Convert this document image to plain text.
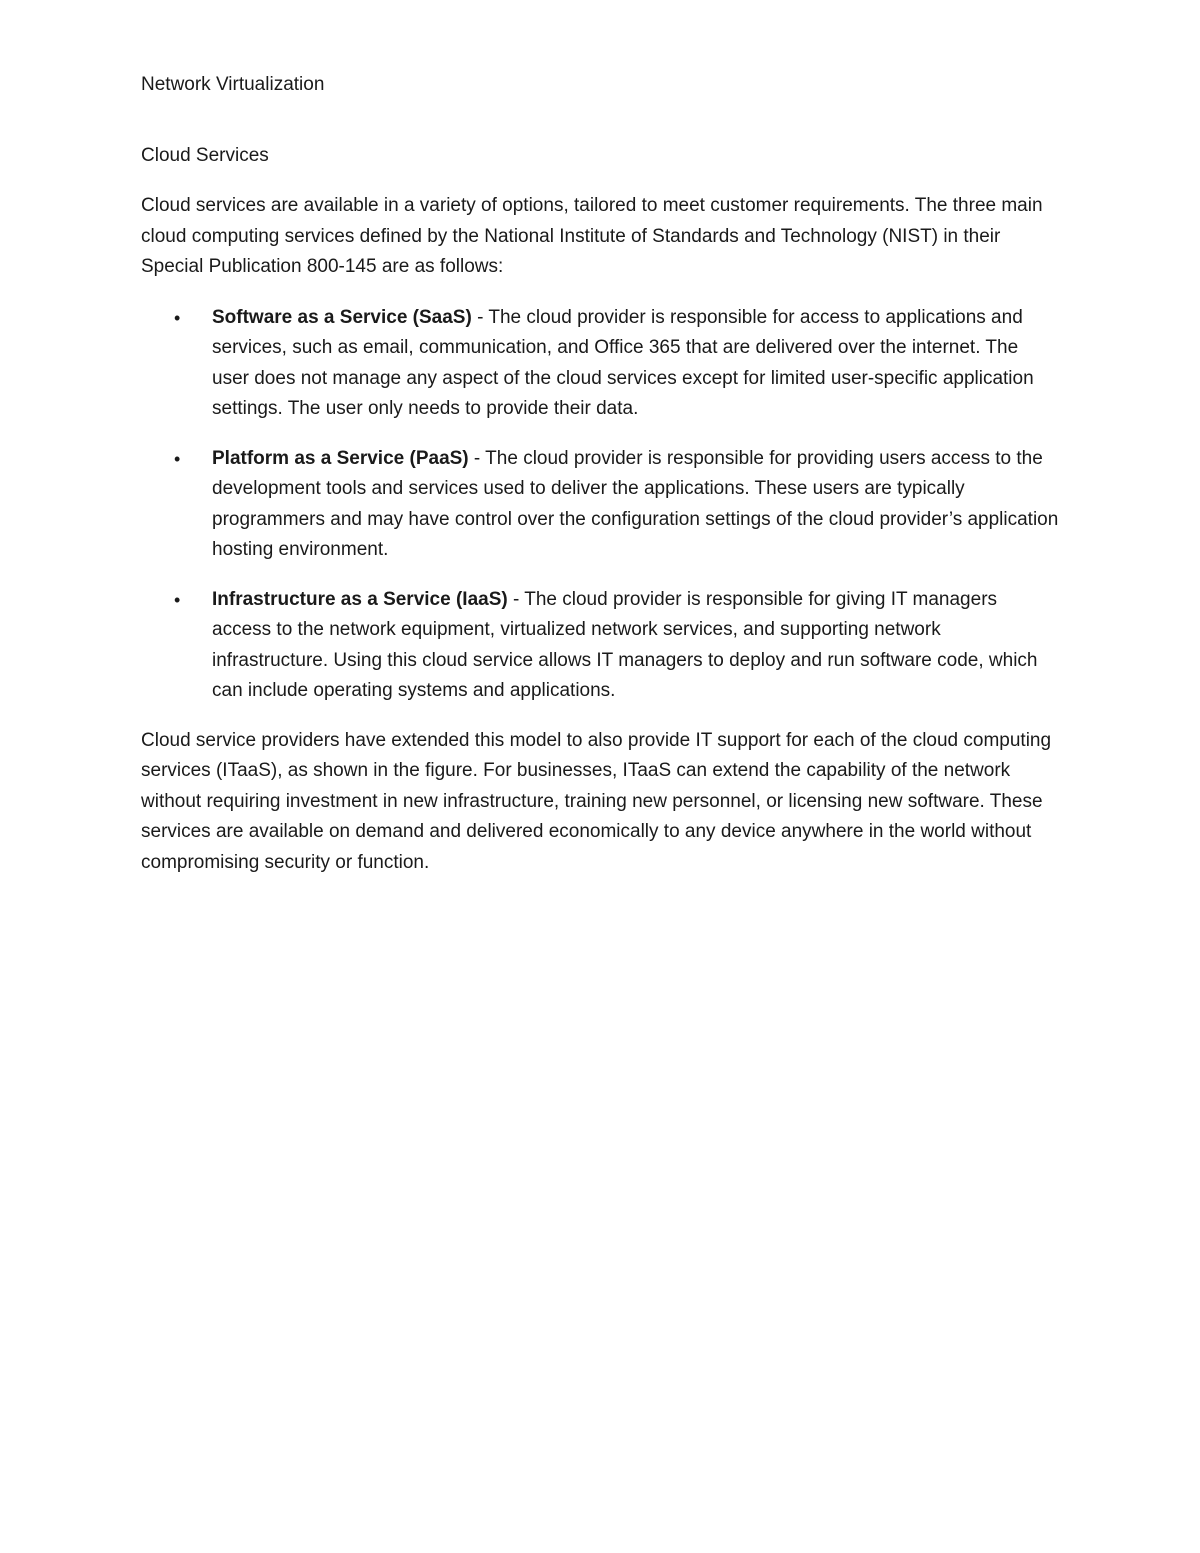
Network Virtualization
Cloud Services

Cloud services are available in a variety of options, tailored to meet customer requirements. The three main cloud computing services defined by the National Institute of Standards and Technology (NIST) in their Special Publication 800-145 are as follows:

• Software as a Service (SaaS) - The cloud provider is responsible for access to applications and services, such as email, communication, and Office 365 that are delivered over the internet. The user does not manage any aspect of the cloud services except for limited user-specific application settings. The user only needs to provide their data.
• Platform as a Service (PaaS) - The cloud provider is responsible for providing users access to the development tools and services used to deliver the applications. These users are typically programmers and may have control over the configuration settings of the cloud provider’s application hosting environment.
• Infrastructure as a Service (IaaS) - The cloud provider is responsible for giving IT managers access to the network equipment, virtualized network services, and supporting network infrastructure. Using this cloud service allows IT managers to deploy and run software code, which can include operating systems and applications.

Cloud service providers have extended this model to also provide IT support for each of the cloud computing services (ITaaS), as shown in the figure. For businesses, ITaaS can extend the capability of the network without requiring investment in new infrastructure, training new personnel, or licensing new software. These services are available on demand and delivered economically to any device anywhere in the world without compromising security or function.
